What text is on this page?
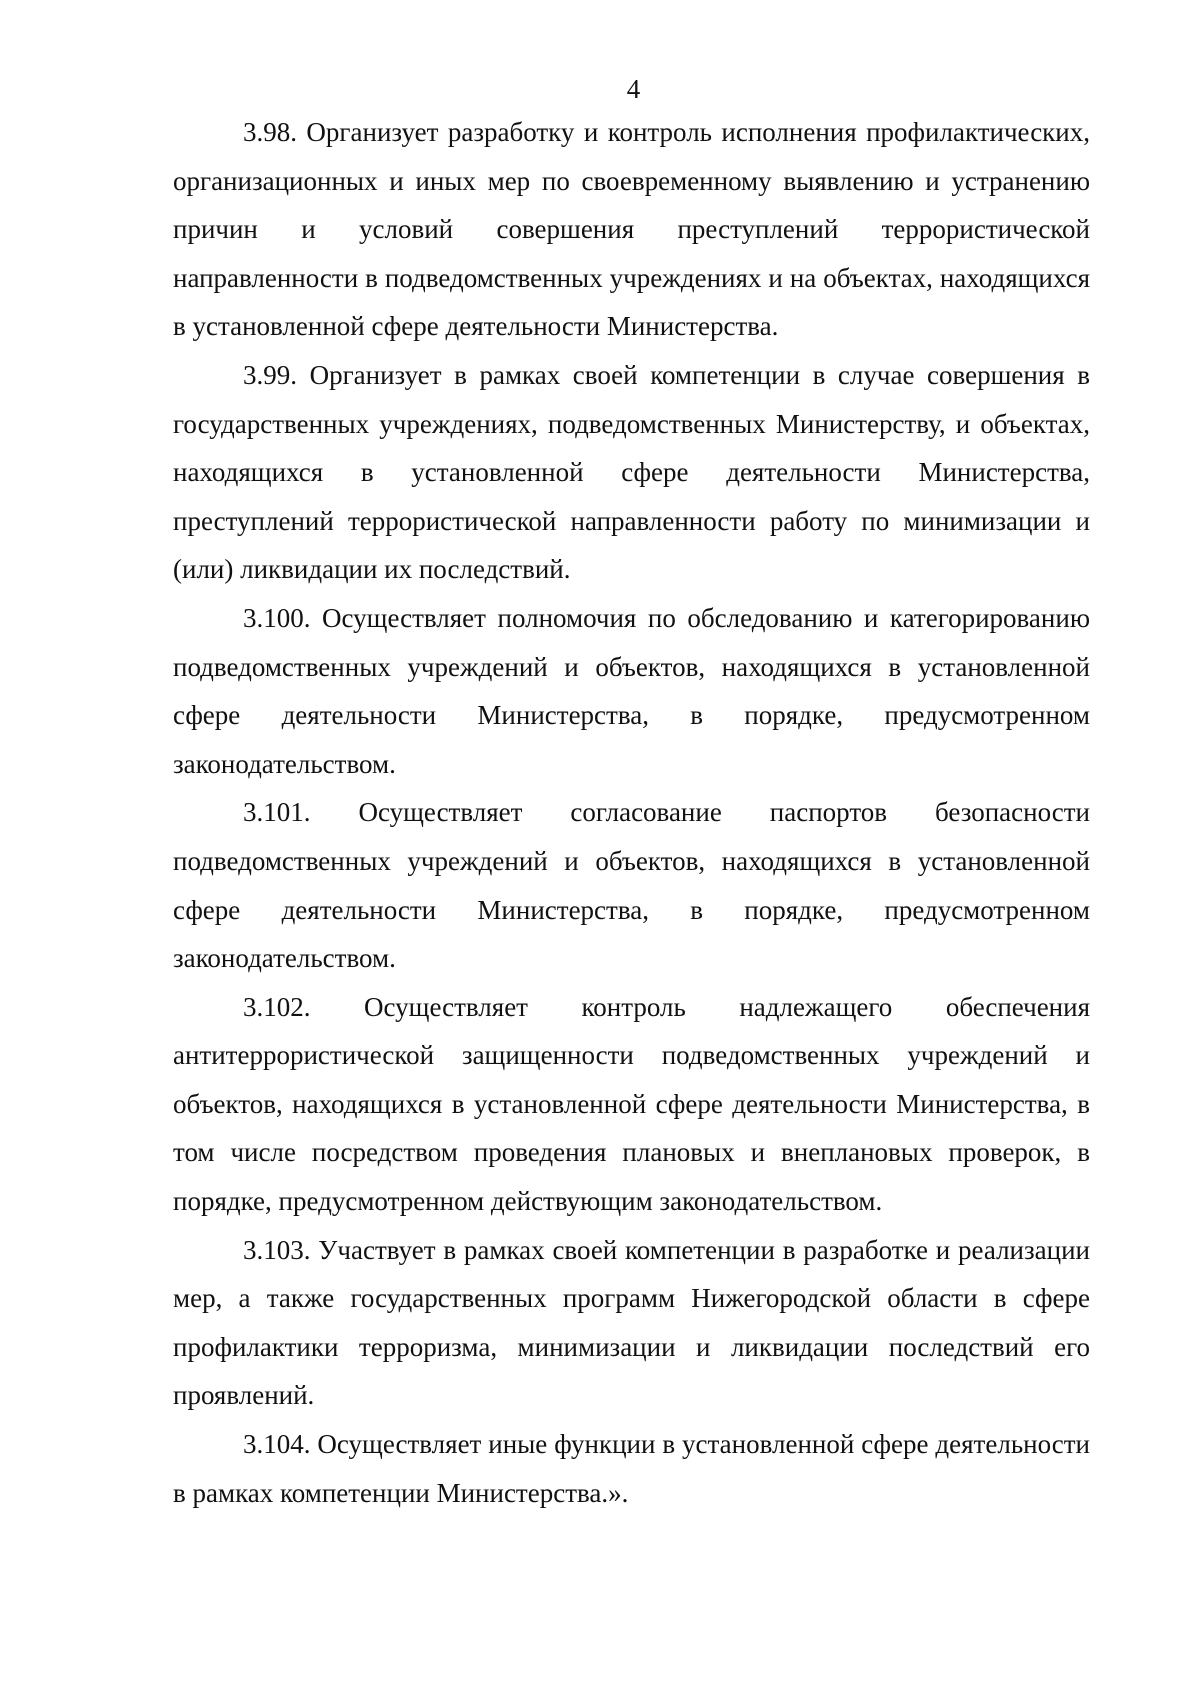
4

3.98. Организует разработку и контроль исполнения профилактических, организационных и иных мер по своевременному выявлению и устранению причин и условий совершения преступлений террористической направленности в подведомственных учреждениях и на объектах, находящихся в установленной сфере деятельности Министерства.

3.99. Организует в рамках своей компетенции в случае совершения в государственных учреждениях, подведомственных Министерству, и объектах, находящихся в установленной сфере деятельности Министерства, преступлений террористической направленности работу по минимизации и (или) ликвидации их последствий.

3.100. Осуществляет полномочия по обследованию и категорированию подведомственных учреждений и объектов, находящихся в установленной сфере деятельности Министерства, в порядке, предусмотренном законодательством.

3.101. Осуществляет согласование паспортов безопасности подведомственных учреждений и объектов, находящихся в установленной сфере деятельности Министерства, в порядке, предусмотренном законодательством.

3.102. Осуществляет контроль надлежащего обеспечения антитеррористической защищенности подведомственных учреждений и объектов, находящихся в установленной сфере деятельности Министерства, в том числе посредством проведения плановых и внеплановых проверок, в порядке, предусмотренном действующим законодательством.

3.103. Участвует в рамках своей компетенции в разработке и реализации мер, а также государственных программ Нижегородской области в сфере профилактики терроризма, минимизации и ликвидации последствий его проявлений.

3.104. Осуществляет иные функции в установленной сфере деятельности в рамках компетенции Министерства.».
